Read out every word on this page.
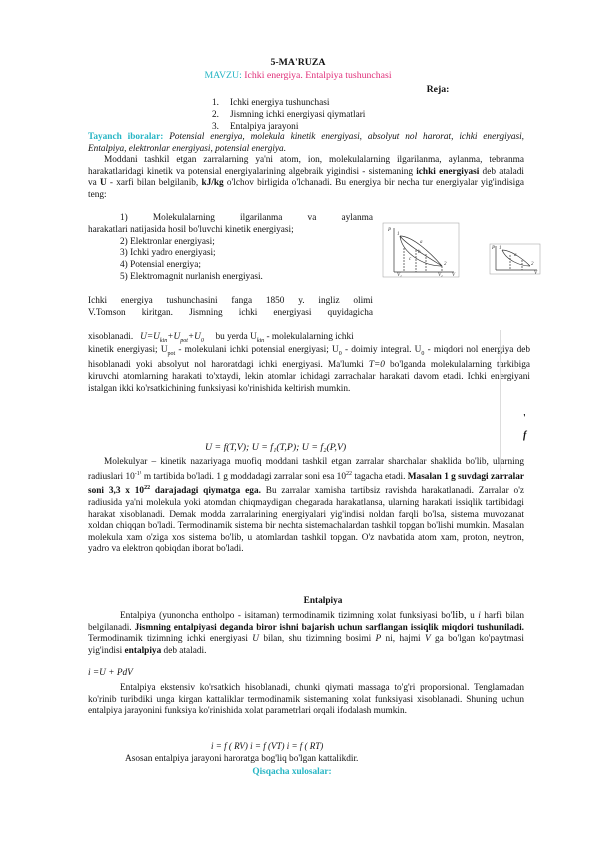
5-MA'RUZA
MAVZU: Ichki energiya. Entalpiya tushunchasi
Reja:
1. Ichki energiya tushunchasi
2. Jismning ichki energiyasi qiymatlari
3. Entalpiya jarayoni
Tayanch iboralar: Potensial energiya, molekula kinetik energiyasi, absolyut nol harorat, ichki energiyasi, Entalpiya, elektronlar energiyasi, potensial energiya.
Moddani tashkil etgan zarralarning ya'ni atom, ion, molekulalarning ilgarilanma, aylanma, tebranma harakatlaridagi kinetik va potensial energiyalarining algebraik yigindisi - sistemaning ichki energiyasi deb ataladi va U - xarfi bilan belgilanib, kJ/kg o'lchov birligida o'lchanadi. Bu energiya bir necha tur energiyalar yig'indisiga teng:
1) Molekulalarning ilgarilanma va aylanma
harakatlari natijasida hosil bo'luvchi kinetik energiyasi;
2) Elektronlar energiyasi;
3) Ichki yadro energiyasi;
4) Potensial energiya;
5) Elektromagnit nurlanish energiyasi.
Ichki energiya tushunchasini fanga 1850 y. ingliz olimi
V.Tomson kiritgan. Jismning ichki energiyasi quyidagicha
xisoblanadi. $U=U_{kin}+U_{pot}+U_0$ bu yerda $U_{kin}$ - molekulalarning ichki
kinetik energiyasi; $U_{pot}$ - molekulani ichki potensial energiyasi; $U_0$ - doimiy integral. $U_0$ - miqdori nol energiya deb hisoblanadi yoki absolyut nol haroratdagi ichki energiyasi. Ma'lumki T=0 bo'lganda molekulalarning tarkibiga kiruvchi atomlarning harakati to'xtaydi, lekin atomlar ichidagi zarrachalar harakati davom etadi. Ichki energiyani istalgan ikki ko'rsatkichining funksiyasi ko'rinishida keltirish mumkin.
U = f(T,V); U = f₁(T,P); U = f₂(P,V)
Molekulyar – kinetik nazariyaga muofiq moddani tashkil etgan zarralar sharchalar shaklida bo'lib, ularning radiuslari $10^{-1^1}$ m tartibida bo'ladi. 1 g moddadagi zarralar soni esa $10^{22}$ tagacha etadi. Masalan 1 g suvdagi zarralar soni 3,3 x $10^{22}$ darajadagi qiymatga ega. Bu zarralar xamisha tartibsiz ravishda harakatlanadi. Zarralar o'z radiusida ya'ni molekula yoki atomdan chiqmaydigan chegarada harakatlansa, ularning harakati issiqlik tartibidagi harakat xisoblanadi. Demak modda zarralarining energiyalari yig'indisi noldan farqli bo'lsa, sistema muvozanat xoldan chiqqan bo'ladi. Termodinamik sistema bir nechta sistemachalardan tashkil topgan bo'lishi mumkin. Masalan molekula xam o'ziga xos sistema bo'lib, u atomlardan tashkil topgan. O'z navbatida atom xam, proton, neytron, yadro va elektron qobiqdan iborat bo'ladi.
Entalpiya
Entalpiya (yunoncha entholpo - isitaman) termodinamik tizimning xolat funksiyasi bo'lib, u i harfi bilan belgilanadi. Jismning entalpiyasi deganda biror ishni bajarish uchun sarflangan issiqlik miqdori tushuniladi. Termodinamik tizimning ichki energiyasi U bilan, shu tizimning bosimi P ni, hajmi V ga bo'lgan ko'paytmasi yig'indisi entalpiya deb ataladi.
i =U + PdV
Entalpiya ekstensiv ko'rsatkich hisoblanadi, chunki qiymati massaga to'g'ri proporsional. Tenglamadan ko'rinib turibdiki unga kirgan kattaliklar termodinamik sistemaning xolat funksiyasi xisoblanadi. Shuning uchun entalpiya jarayonini funksiya ko'rinishida xolat parametrlari orqali ifodalash mumkin.
i = f ( RV) i = f (VT) i = f ( RT)
Asosan entalpiya jarayoni haroratga bog'liq bo'lgan kattalikdir.
Qisqacha xulosalar:
P
1
a
b
c
2
V₁	V₂ V
P 1
a
2
V
'
f
